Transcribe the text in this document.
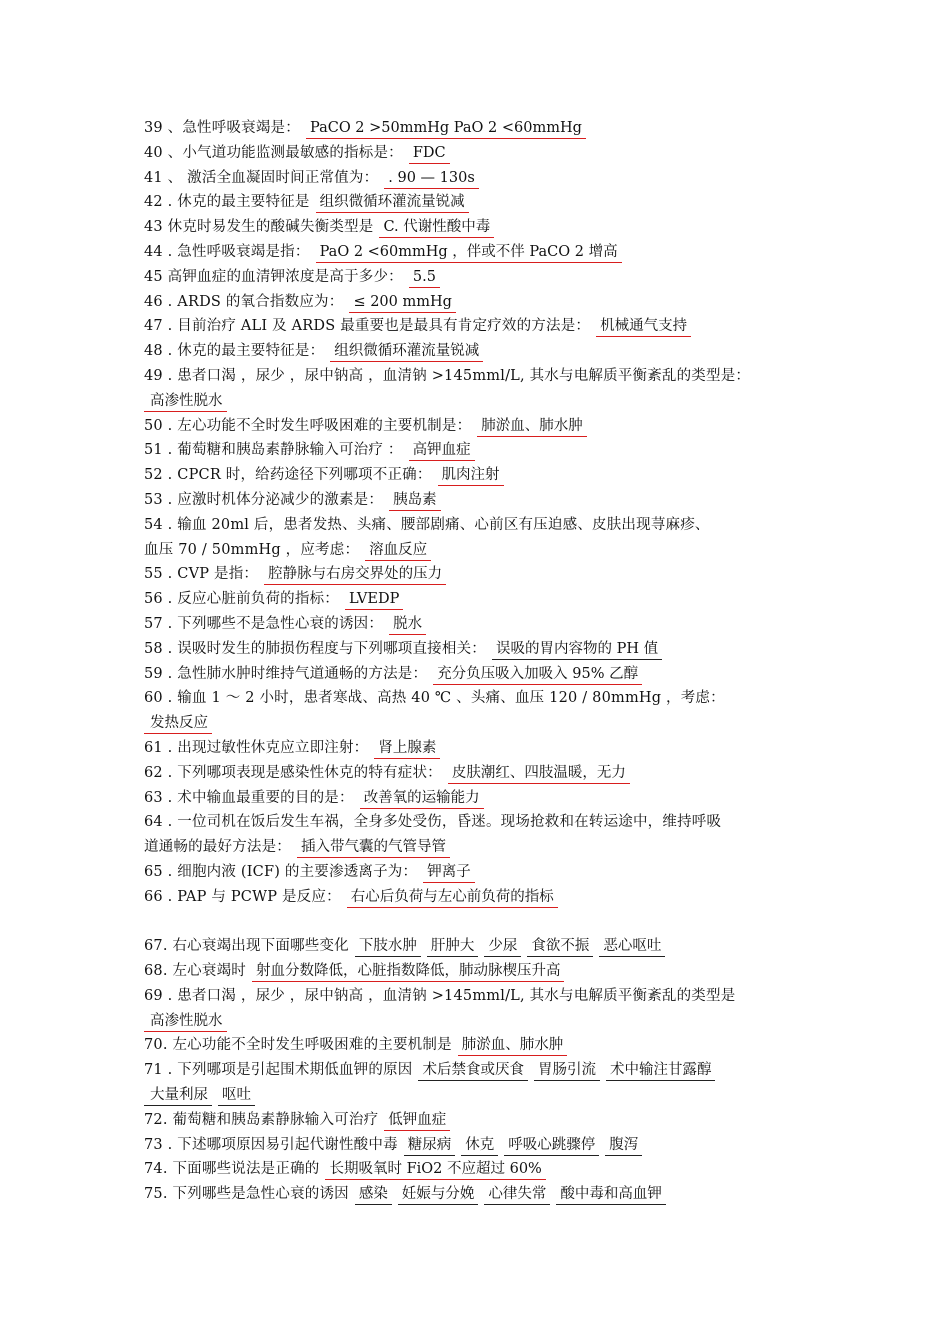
39 、急性呼吸衰竭是： PaCO 2 >50mmHg PaO 2 <60mmHg
40 、小气道功能监测最敏感的指标是： FDC
41 、 激活全血凝固时间正常值为： . 90 — 130s
42 . 休克的最主要特征是 组织微循环灌流量锐减
43 休克时易发生的酸碱失衡类型是 C. 代谢性酸中毒
44 . 急性呼吸衰竭是指： PaO 2 <60mmHg ，伴或不伴 PaCO 2 增高
45 高钾血症的血清钾浓度是高于多少： 5.5
46 . ARDS 的氧合指数应为： ≤ 200 mmHg
47 . 目前治疗 ALI 及 ARDS 最重要也是最具有肯定疗效的方法是： 机械通气支持
48 . 休克的最主要特征是： 组织微循环灌流量锐减
49 . 患者口渴 ，尿少 ，尿中钠高 ，血清钠 >145mml/L, 其水与电解质平衡紊乱的类型是：
高渗性脱水
50 . 左心功能不全时发生呼吸困难的主要机制是： 肺淤血、肺水肿
51 . 葡萄糖和胰岛素静脉输入可治疗 ： 高钾血症
52 . CPCR 时，给药途径下列哪项不正确： 肌肉注射
53 . 应激时机体分泌减少的激素是： 胰岛素
54 . 输血 20ml 后，患者发热、头痛、腰部剧痛、心前区有压迫感、皮肤出现荨麻疹、
血压 70 / 50mmHg ，应考虑： 溶血反应
55 . CVP 是指： 腔静脉与右房交界处的压力
56 . 反应心脏前负荷的指标： LVEDP
57 . 下列哪些不是急性心衰的诱因： 脱水
58 . 误吸时发生的肺损伤程度与下列哪项直接相关： 误吸的胃内容物的 PH 值
59 . 急性肺水肿时维持气道通畅的方法是： 充分负压吸入加吸入 95% 乙醇
60 . 输血 1 ～ 2 小时，患者寒战、高热 40 ℃ 、头痛、血压 120 / 80mmHg ，考虑：
发热反应
61 . 出现过敏性休克应立即注射： 肾上腺素
62 . 下列哪项表现是感染性休克的特有症状： 皮肤潮红、四肢温暖，无力
63 . 术中输血最重要的目的是： 改善氧的运输能力
64 . 一位司机在饭后发生车祸，全身多处受伤，昏迷。现场抢救和在转运途中，维持呼吸
道通畅的最好方法是： 插入带气囊的气管导管
65 . 细胞内液 (ICF) 的主要渗透离子为： 钾离子
66 . PAP 与 PCWP 是反应： 右心后负荷与左心前负荷的指标
67. 右心衰竭出现下面哪些变化 下肢水肿 肝肿大 少尿 食欲不振 恶心呕吐
68. 左心衰竭时 射血分数降低，心脏指数降低，肺动脉楔压升高
69 . 患者口渴 ，尿少 ，尿中钠高 ，血清钠 >145mml/L, 其水与电解质平衡紊乱的类型是
高渗性脱水
70. 左心功能不全时发生呼吸困难的主要机制是 肺淤血、肺水肿
71 . 下列哪项是引起围术期低血钾的原因 术后禁食或厌食 胃肠引流 术中输注甘露醇
大量利尿 呕吐
72. 葡萄糖和胰岛素静脉输入可治疗 低钾血症
73 . 下述哪项原因易引起代谢性酸中毒 糖尿病 休克 呼吸心跳骤停 腹泻
74. 下面哪些说法是正确的 长期吸氧时 FiO2 不应超过 60%
75. 下列哪些是急性心衰的诱因 感染 妊娠与分娩 心律失常 酸中毒和高血钾
